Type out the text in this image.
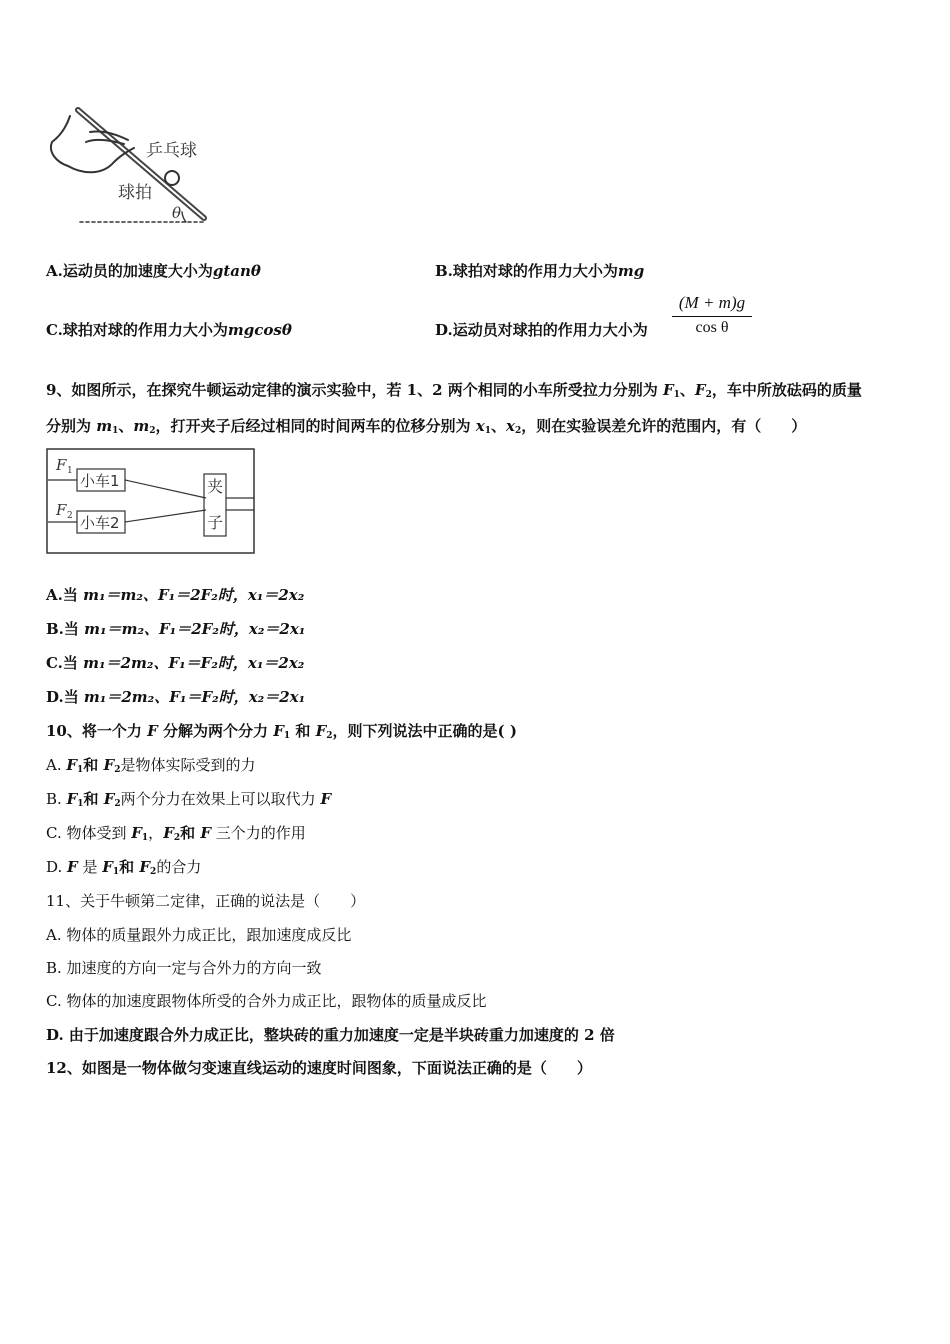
乒乓球
球拍
θ
A.运动员的加速度大小为gtanθ	B.球拍对球的作用力大小为mg
C.球拍对球的作用力大小为mgcosθ	D.运动员对球拍的作用力大小为 $\frac{(M + m)g}{\text{cos θ}}$
9、如图所示，在探究牛顿运动定律的演示实验中，若 1、2 两个相同的小车所受拉力分别为 $F_1$、$F_2$，车中所放砝码的质量
分别为 $m_1$、$m_2$，打开夹子后经过相同的时间两车的位移分别为 $x_1$、$x_2$，则在实验误差允许的范围内，有（　　）
F 1
F 2
小车1
小车2
夹
子
A.当 m₁＝m₂、F₁＝2F₂时，x₁＝2x₂
B.当 m₁＝m₂、F₁＝2F₂时，x₂＝2x₁
C.当 m₁＝2m₂、F₁＝F₂时，x₁＝2x₂
D.当 m₁＝2m₂、F₁＝F₂时，x₂＝2x₁
10、将一个力 F 分解为两个分力 $F_1$ 和 $F_2$，则下列说法中正确的是( )
A. $F_1$和 $F_2$是物体实际受到的力
B. $F_1$和 $F_2$两个分力在效果上可以取代力 F
C. 物体受到 $F_1$，$F_2$和 F 三个力的作用
D. F 是 $F_1$和 $F_2$的合力
11、关于牛顿第二定律，正确的说法是（　　）
A. 物体的质量跟外力成正比，跟加速度成反比
B. 加速度的方向一定与合外力的方向一致
C. 物体的加速度跟物体所受的合外力成正比，跟物体的质量成反比
D. 由于加速度跟合外力成正比，整块砖的重力加速度一定是半块砖重力加速度的 2 倍
12、如图是一物体做匀变速直线运动的速度时间图象，下面说法正确的是（　　）
